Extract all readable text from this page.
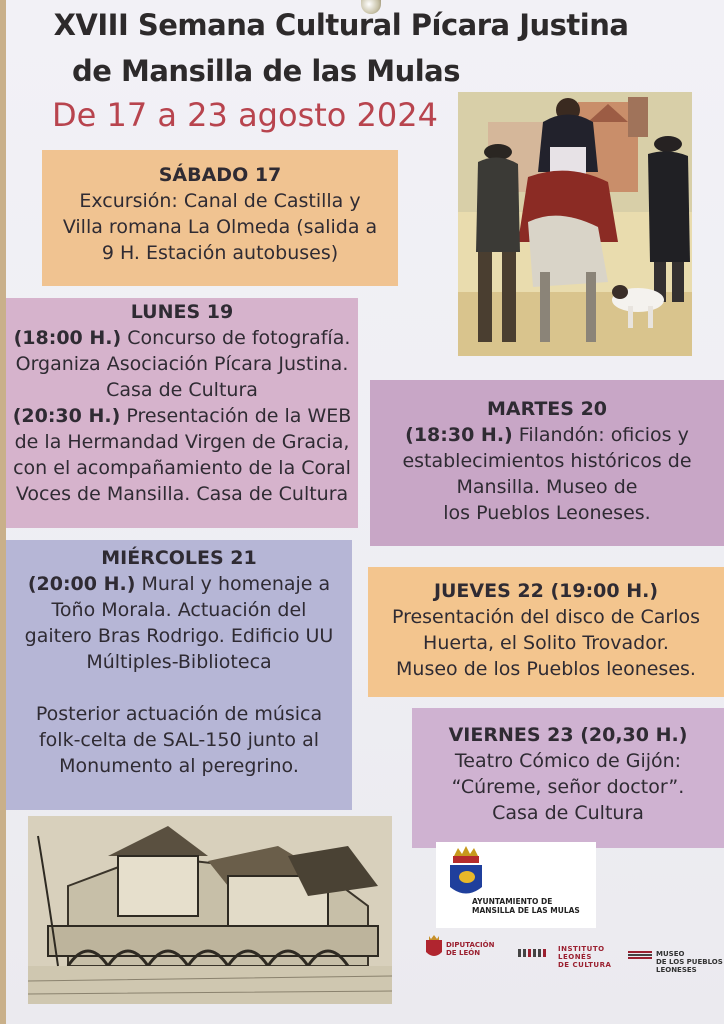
XVIII Semana Cultural Pícara Justina
de Mansilla de las Mulas
De 17 a 23 agosto 2024
SÁBADO 17
Excursión: Canal de Castilla y
Villa romana La Olmeda (salida a
9 H. Estación autobuses)
LUNES 19
(18:00 H.) Concurso de fotografía.
Organiza Asociación Pícara Justina.
Casa de Cultura
(20:30 H.) Presentación de la WEB
de la Hermandad Virgen de Gracia,
con el acompañamiento de la Coral
Voces de Mansilla. Casa de Cultura
MARTES 20
(18:30 H.) Filandón: oficios y
establecimientos históricos de
Mansilla. Museo de
los Pueblos Leoneses.
MIÉRCOLES 21
(20:00 H.) Mural y homenaje a
Toño Morala. Actuación del
gaitero Bras Rodrigo. Edificio UU
Múltiples-Biblioteca
Posterior actuación de música
folk-celta de SAL-150 junto al
Monumento al peregrino.
JUEVES 22 (19:00 H.)
Presentación del disco de Carlos
Huerta, el Solito Trovador.
Museo de los Pueblos leoneses.
VIERNES 23 (20,30 H.)
Teatro Cómico de Gijón:
“Cúreme, señor doctor”.
Casa de Cultura
AYUNTAMIENTO DE
MANSILLA DE LAS MULAS
DIPUTACIÓN
DE LEÓN	INSTITUTO
LEONÉS
DE CULTURA
MUSEO
DE LOS PUEBLOS
LEONESES
